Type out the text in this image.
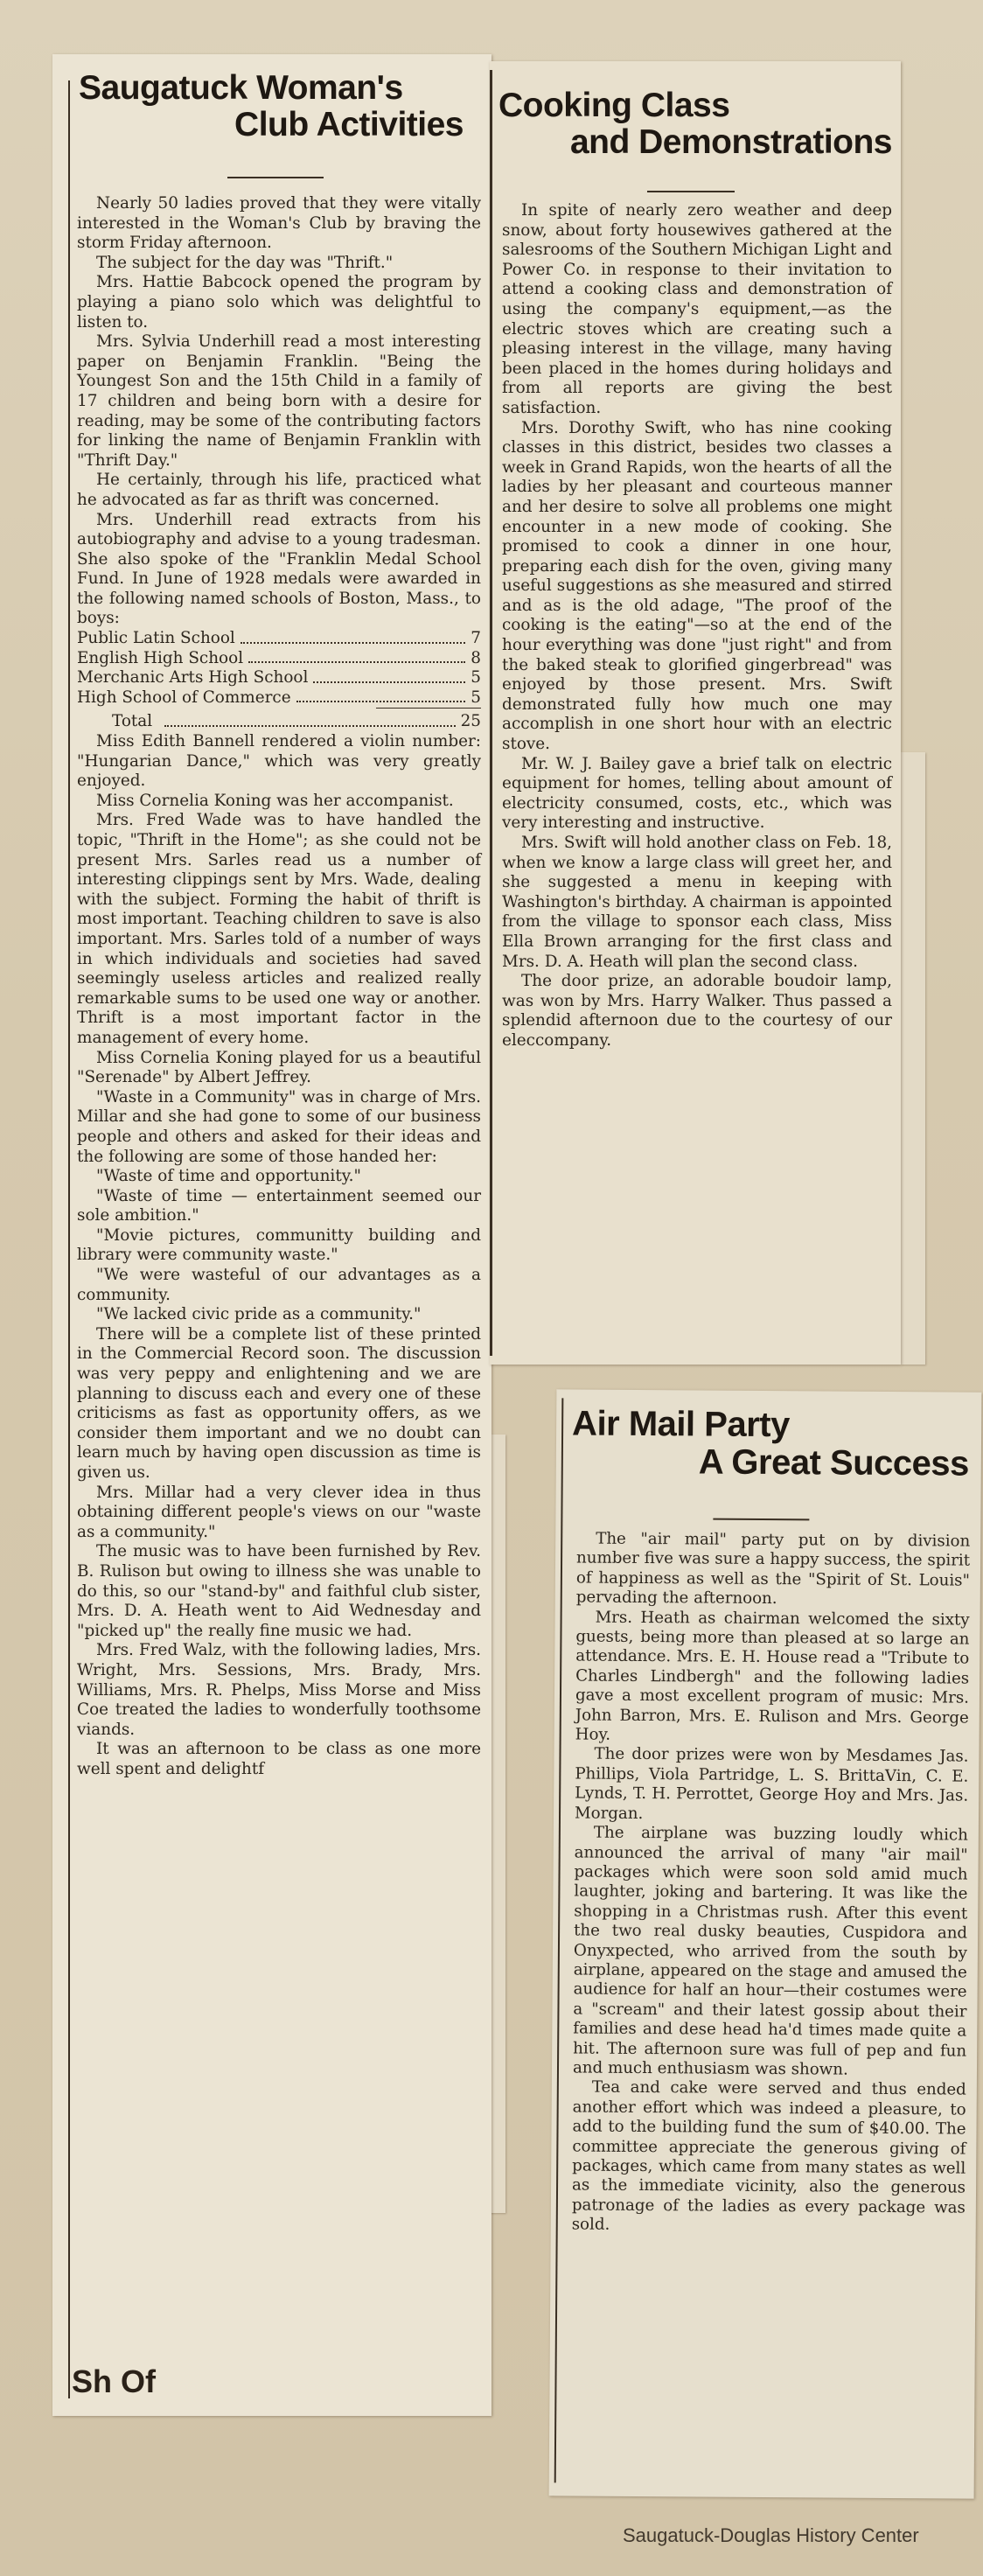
Saugatuck Woman's
Club Activities

Nearly 50 ladies proved that they were vitally interested in the Woman's Club by braving the storm Friday afternoon.

The subject for the day was "Thrift."

Mrs. Hattie Babcock opened the program by playing a piano solo which was delightful to listen to.

Mrs. Sylvia Underhill read a most interesting paper on Benjamin Franklin. "Being the Youngest Son and the 15th Child in a family of 17 children and being born with a desire for reading, may be some of the contributing factors for linking the name of Benjamin Franklin with "Thrift Day."

He certainly, through his life, practiced what he advocated as far as thrift was concerned.

Mrs. Underhill read extracts from his autobiography and advise to a young tradesman. She also spoke of the "Franklin Medal School Fund. In June of 1928 medals were awarded in the following named schools of Boston, Mass., to boys:

Public Latin School	7
English High School	8
Merchanic Arts High School	5
High School of Commerce	5
Total	25

Miss Edith Bannell rendered a violin number: "Hungarian Dance," which was very greatly enjoyed.

Miss Cornelia Koning was her accompanist.

Mrs. Fred Wade was to have handled the topic, "Thrift in the Home"; as she could not be present Mrs. Sarles read us a number of interesting clippings sent by Mrs. Wade, dealing with the subject. Forming the habit of thrift is most important. Teaching children to save is also important. Mrs. Sarles told of a number of ways in which individuals and societies had saved seemingly useless articles and realized really remarkable sums to be used one way or another. Thrift is a most important factor in the management of every home.

Miss Cornelia Koning played for us a beautiful "Serenade" by Albert Jeffrey.

"Waste in a Community" was in charge of Mrs. Millar and she had gone to some of our business people and others and asked for their ideas and the following are some of those handed her:

"Waste of time and opportunity."

"Waste of time — entertainment seemed our sole ambition."

"Movie pictures, communitty building and library were community waste."

"We were wasteful of our advantages as a community.

"We lacked civic pride as a community."

There will be a complete list of these printed in the Commercial Record soon. The discussion was very peppy and enlightening and we are planning to discuss each and every one of these criticisms as fast as opportunity offers, as we consider them important and we no doubt can learn much by having open discussion as time is given us.

Mrs. Millar had a very clever idea in thus obtaining different people's views on our "waste as a community."

The music was to have been furnished by Rev. B. Rulison but owing to illness she was unable to do this, so our "stand-by" and faithful club sister, Mrs. D. A. Heath went to Aid Wednesday and "picked up" the really fine music we had.

Mrs. Fred Walz, with the following ladies, Mrs. Wright, Mrs. Sessions, Mrs. Brady, Mrs. Williams, Mrs. R. Phelps, Miss Morse and Miss Coe treated the ladies to wonderfully toothsome viands.

It was an afternoon to be class as one more well spent and delightf

Sh Of
Cooking Class
and Demonstrations

In spite of nearly zero weather and deep snow, about forty housewives gathered at the salesrooms of the Southern Michigan Light and Power Co. in response to their invitation to attend a cooking class and demonstration of using the company's equipment,—as the electric stoves which are creating such a pleasing interest in the village, many having been placed in the homes during holidays and from all reports are giving the best satisfaction.

Mrs. Dorothy Swift, who has nine cooking classes in this district, besides two classes a week in Grand Rapids, won the hearts of all the ladies by her pleasant and courteous manner and her desire to solve all problems one might encounter in a new mode of cooking. She promised to cook a dinner in one hour, preparing each dish for the oven, giving many useful suggestions as she measured and stirred and as is the old adage, "The proof of the cooking is the eating"—so at the end of the hour everything was done "just right" and from the baked steak to glorified gingerbread" was enjoyed by those present. Mrs. Swift demonstrated fully how much one may accomplish in one short hour with an electric stove.

Mr. W. J. Bailey gave a brief talk on electric equipment for homes, telling about amount of electricity consumed, costs, etc., which was very interesting and instructive.

Mrs. Swift will hold another class on Feb. 18, when we know a large class will greet her, and she suggested a menu in keeping with Washington's birthday. A chairman is appointed from the village to sponsor each class, Miss Ella Brown arranging for the first class and Mrs. D. A. Heath will plan the second class.

The door prize, an adorable boudoir lamp, was won by Mrs. Harry Walker. Thus passed a splendid afternoon due to the courtesy of our eleccompany.

Air Mail Party
A Great Success

The "air mail" party put on by division number five was sure a happy success, the spirit of happiness as well as the "Spirit of St. Louis" pervading the afternoon.

Mrs. Heath as chairman welcomed the sixty guests, being more than pleased at so large an attendance. Mrs. E. H. House read a "Tribute to Charles Lindbergh" and the following ladies gave a most excellent program of music: Mrs. John Barron, Mrs. E. Rulison and Mrs. George Hoy.

The door prizes were won by Mesdames Jas. Phillips, Viola Partridge, L. S. BrittaVin, C. E. Lynds, T. H. Perrottet, George Hoy and Mrs. Jas. Morgan.

The airplane was buzzing loudly which announced the arrival of many "air mail" packages which were soon sold amid much laughter, joking and bartering. It was like the shopping in a Christmas rush. After this event the two real dusky beauties, Cuspidora and Onyxpected, who arrived from the south by airplane, appeared on the stage and amused the audience for half an hour—their costumes were a "scream" and their latest gossip about their families and dese head ha'd times made quite a hit. The afternoon sure was full of pep and fun and much enthusiasm was shown.

Tea and cake were served and thus ended another effort which was indeed a pleasure, to add to the building fund the sum of $40.00. The committee appreciate the generous giving of packages, which came from many states as well as the immediate vicinity, also the generous patronage of the ladies as every package was sold.

Saugatuck-Douglas History Center
